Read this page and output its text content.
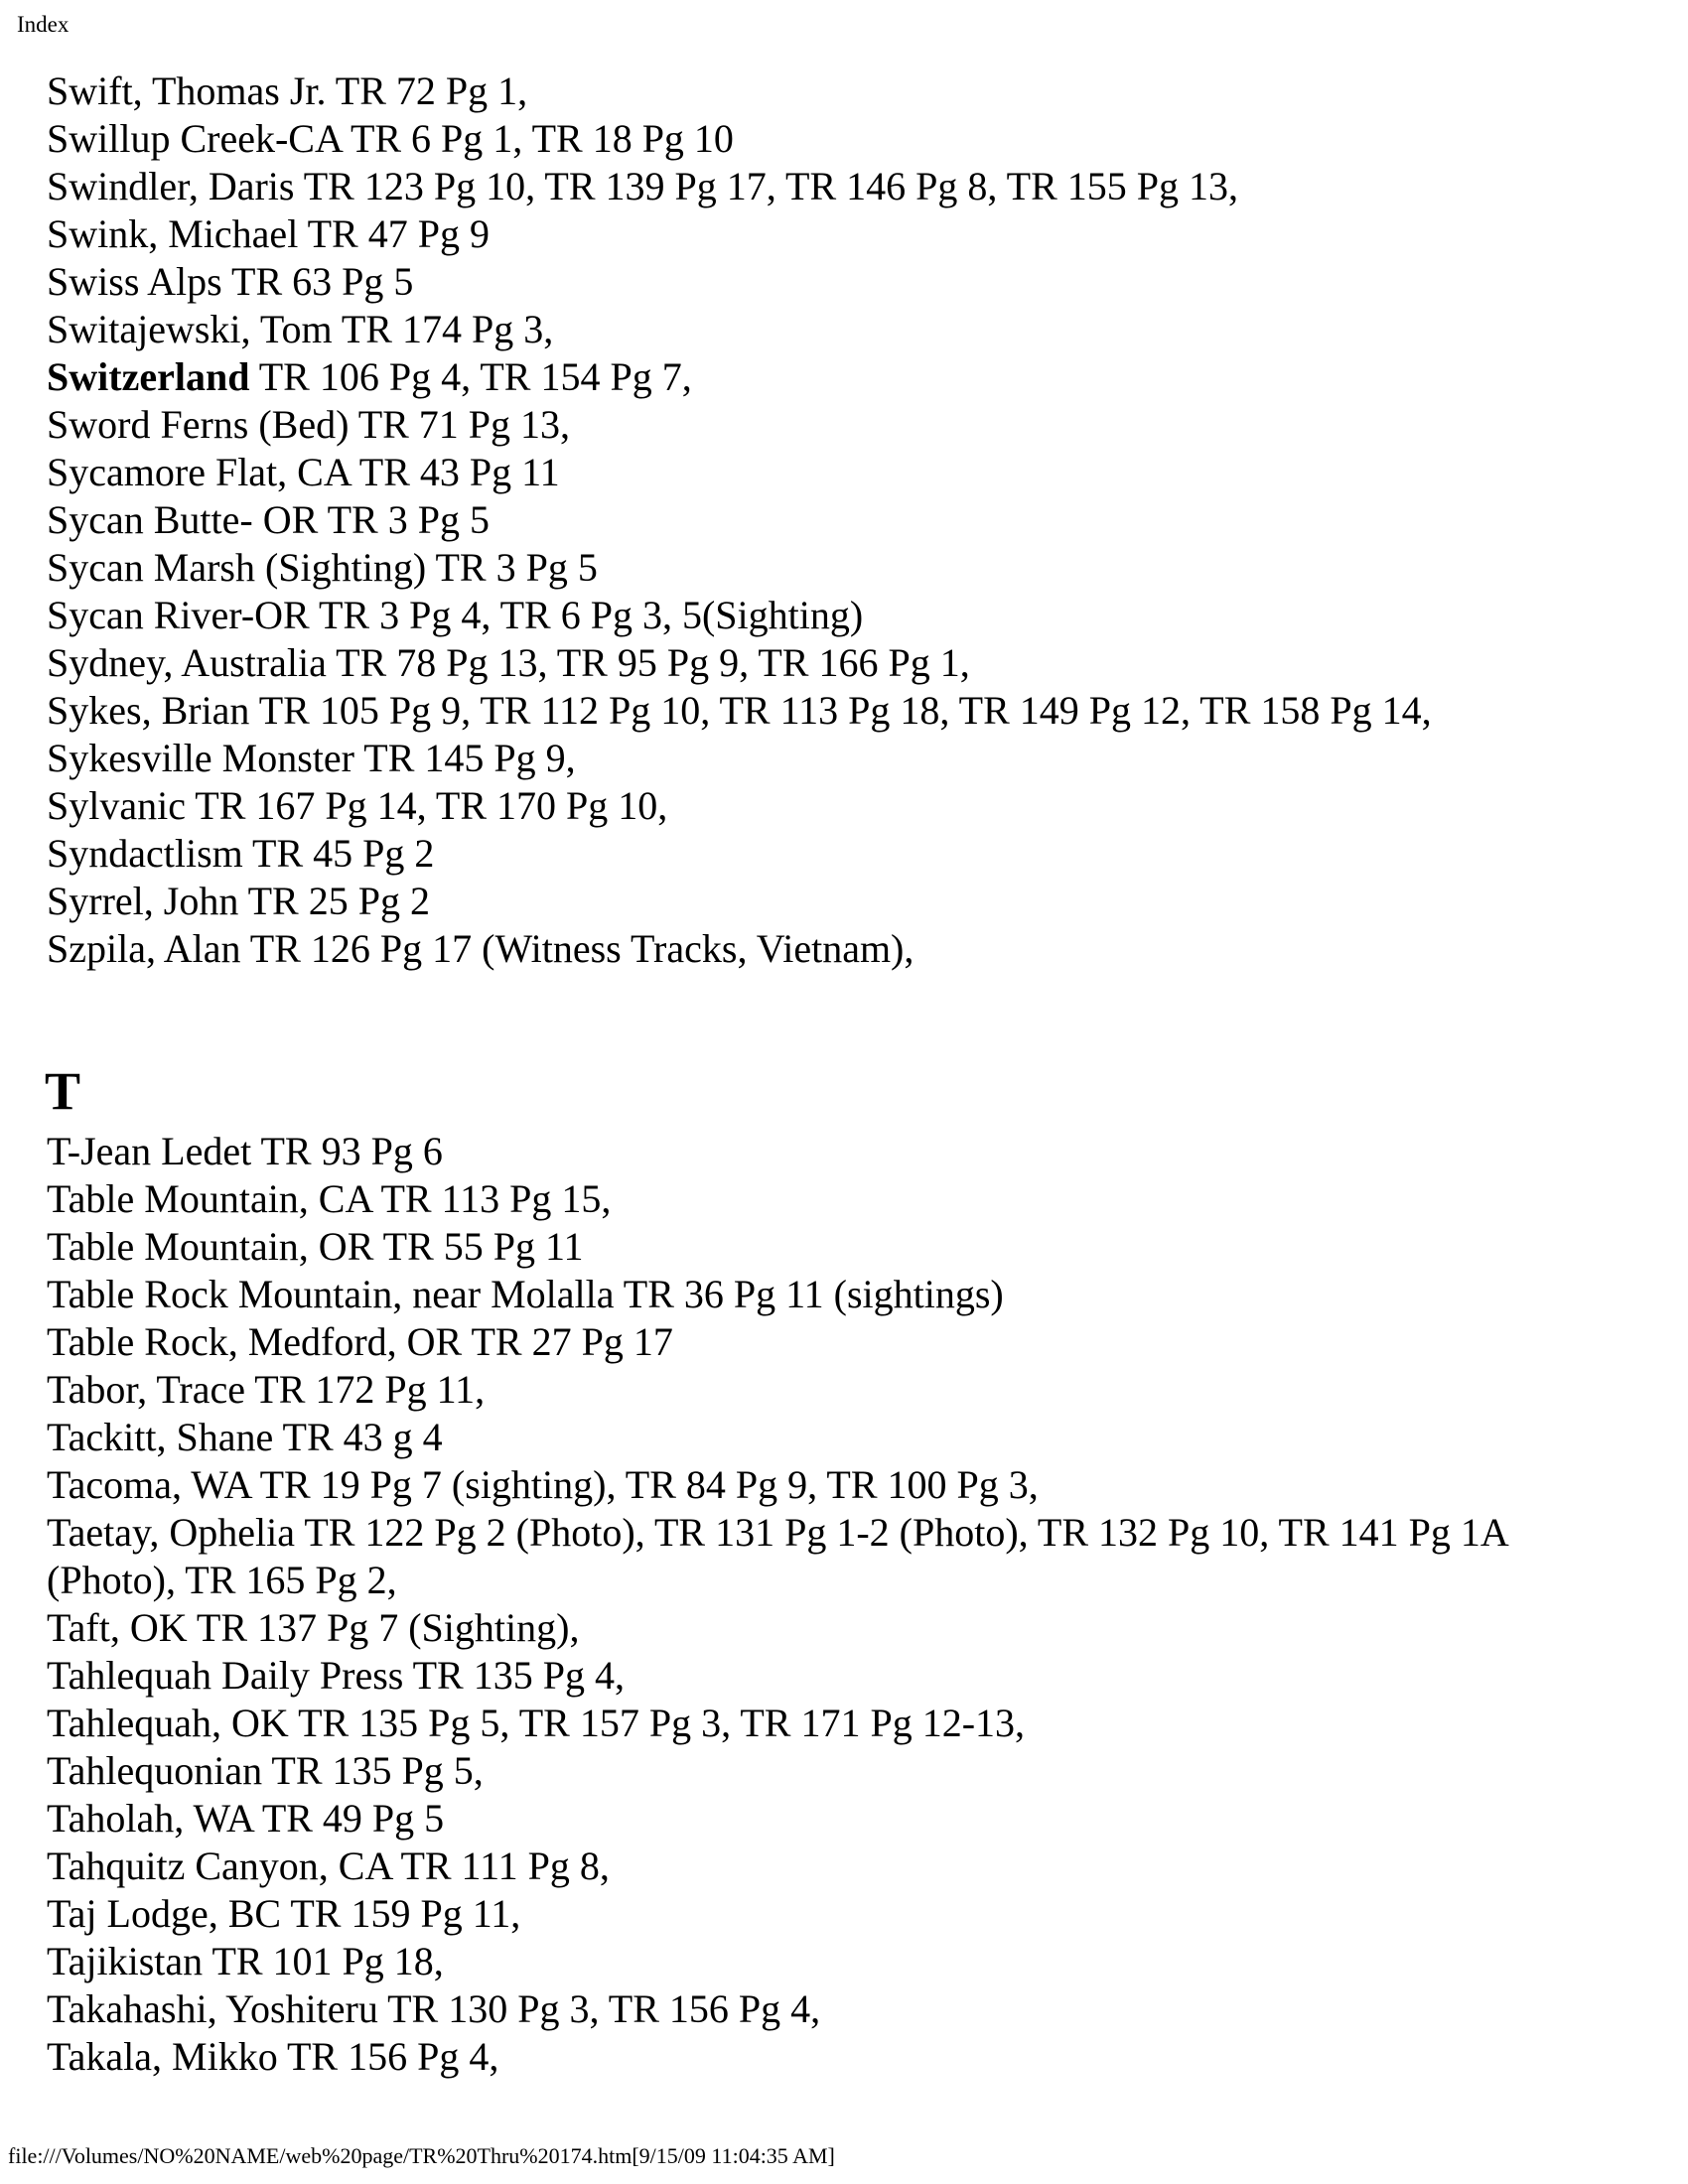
Index
Swift, Thomas Jr. TR 72 Pg 1,
Swillup Creek-CA TR 6 Pg 1, TR 18 Pg 10
Swindler, Daris TR 123 Pg 10, TR 139 Pg 17, TR 146 Pg 8, TR 155 Pg 13,
Swink, Michael TR 47 Pg 9
Swiss Alps TR 63 Pg 5
Switajewski, Tom TR 174 Pg 3,
Switzerland TR 106 Pg 4, TR 154 Pg 7,
Sword Ferns (Bed) TR 71 Pg 13,
Sycamore Flat, CA TR 43 Pg 11
Sycan Butte- OR TR 3 Pg 5
Sycan Marsh (Sighting) TR 3 Pg 5
Sycan River-OR TR 3 Pg 4, TR 6 Pg 3, 5(Sighting)
Sydney, Australia TR 78 Pg 13, TR 95 Pg 9, TR 166 Pg 1,
Sykes, Brian TR 105 Pg 9, TR 112 Pg 10, TR 113 Pg 18, TR 149 Pg 12, TR 158 Pg 14,
Sykesville Monster TR 145 Pg 9,
Sylvanic TR 167 Pg 14, TR 170 Pg 10,
Syndactlism TR 45 Pg 2
Syrrel, John TR 25 Pg 2
Szpila, Alan TR 126 Pg 17 (Witness Tracks, Vietnam),
T
T-Jean Ledet TR 93 Pg 6
Table Mountain, CA TR 113 Pg 15,
Table Mountain, OR TR 55 Pg 11
Table Rock Mountain, near Molalla TR 36 Pg 11 (sightings)
Table Rock, Medford, OR TR 27 Pg 17
Tabor, Trace TR 172 Pg 11,
Tackitt, Shane TR 43 g 4
Tacoma, WA TR 19 Pg 7 (sighting), TR 84 Pg 9, TR 100 Pg 3,
Taetay, Ophelia TR 122 Pg 2 (Photo), TR 131 Pg 1-2 (Photo), TR 132 Pg 10, TR 141 Pg 1A
(Photo), TR 165 Pg 2,
Taft, OK TR 137 Pg 7 (Sighting),
Tahlequah Daily Press TR 135 Pg 4,
Tahlequah, OK TR 135 Pg 5, TR 157 Pg 3, TR 171 Pg 12-13,
Tahlequonian TR 135 Pg 5,
Taholah, WA TR 49 Pg 5
Tahquitz Canyon, CA TR 111 Pg 8,
Taj Lodge, BC TR 159 Pg 11,
Tajikistan TR 101 Pg 18,
Takahashi, Yoshiteru TR 130 Pg 3, TR 156 Pg 4,
Takala, Mikko TR 156 Pg 4,
file:///Volumes/NO%20NAME/web%20page/TR%20Thru%20174.htm[9/15/09 11:04:35 AM]
